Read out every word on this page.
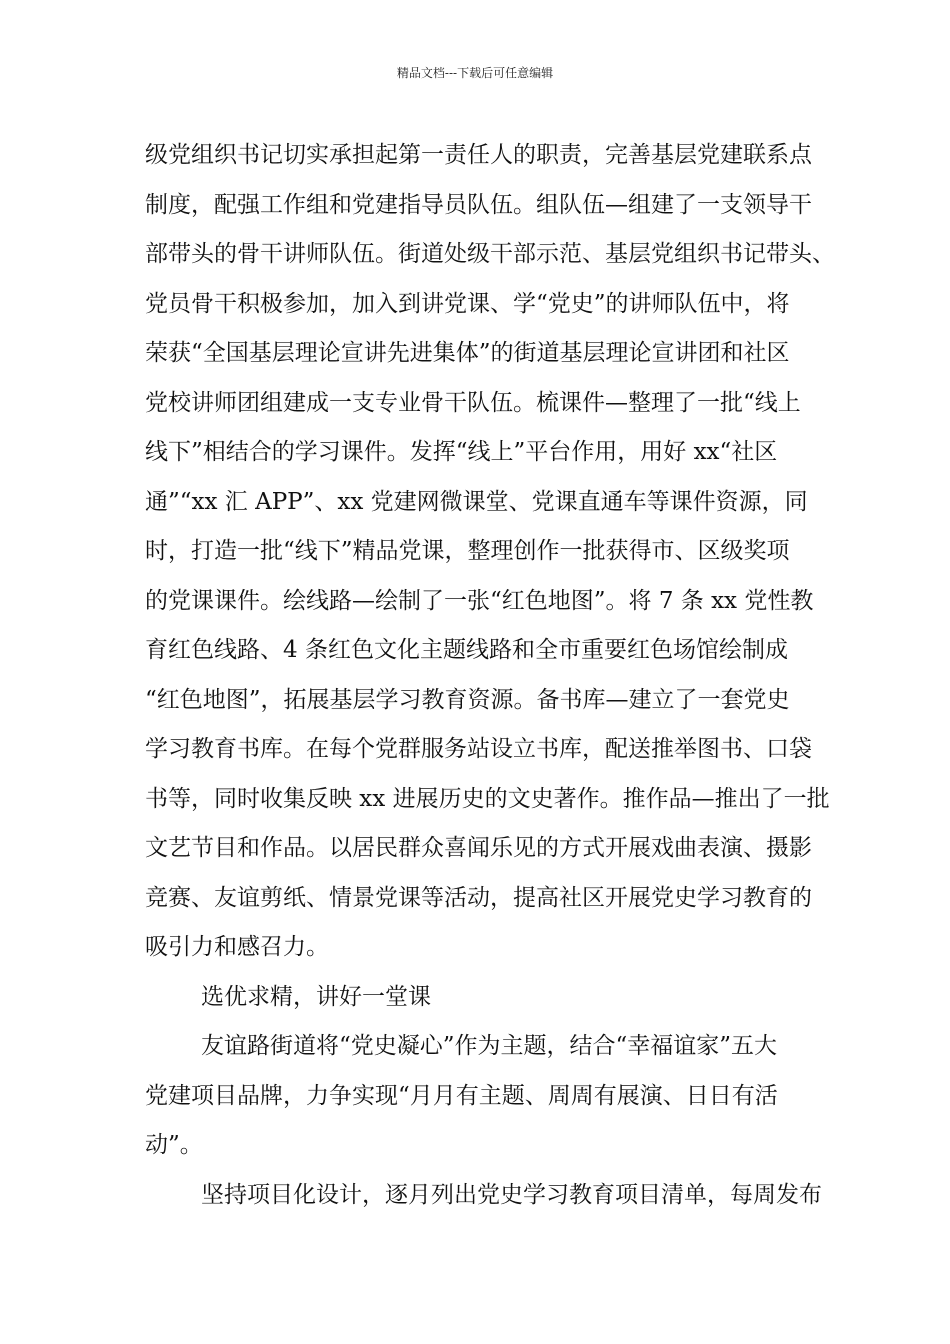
精品文档---下载后可任意编辑
级党组织书记切实承担起第一责任人的职责，完善基层党建联系点
制度，配强工作组和党建指导员队伍。组队伍—组建了一支领导干
部带头的骨干讲师队伍。街道处级干部示范、基层党组织书记带头、
党员骨干积极参加，加入到讲党课、学“党史”的讲师队伍中，将
荣获“全国基层理论宣讲先进集体”的街道基层理论宣讲团和社区
党校讲师团组建成一支专业骨干队伍。梳课件—整理了一批“线上
线下”相结合的学习课件。发挥“线上”平台作用，用好 xx“社区
通”“xx 汇 APP”、xx 党建网微课堂、党课直通车等课件资源，同
时，打造一批“线下”精品党课，整理创作一批获得市、区级奖项
的党课课件。绘线路—绘制了一张“红色地图”。将 7 条 xx 党性教
育红色线路、4 条红色文化主题线路和全市重要红色场馆绘制成
“红色地图”，拓展基层学习教育资源。备书库—建立了一套党史
学习教育书库。在每个党群服务站设立书库，配送推举图书、口袋
书等，同时收集反映 xx 进展历史的文史著作。推作品—推出了一批
文艺节目和作品。以居民群众喜闻乐见的方式开展戏曲表演、摄影
竞赛、友谊剪纸、情景党课等活动，提高社区开展党史学习教育的
吸引力和感召力。
选优求精，讲好一堂课
友谊路街道将“党史凝心”作为主题，结合“幸福谊家”五大
党建项目品牌，力争实现“月月有主题、周周有展演、日日有活
动”。
坚持项目化设计，逐月列出党史学习教育项目清单，每周发布
